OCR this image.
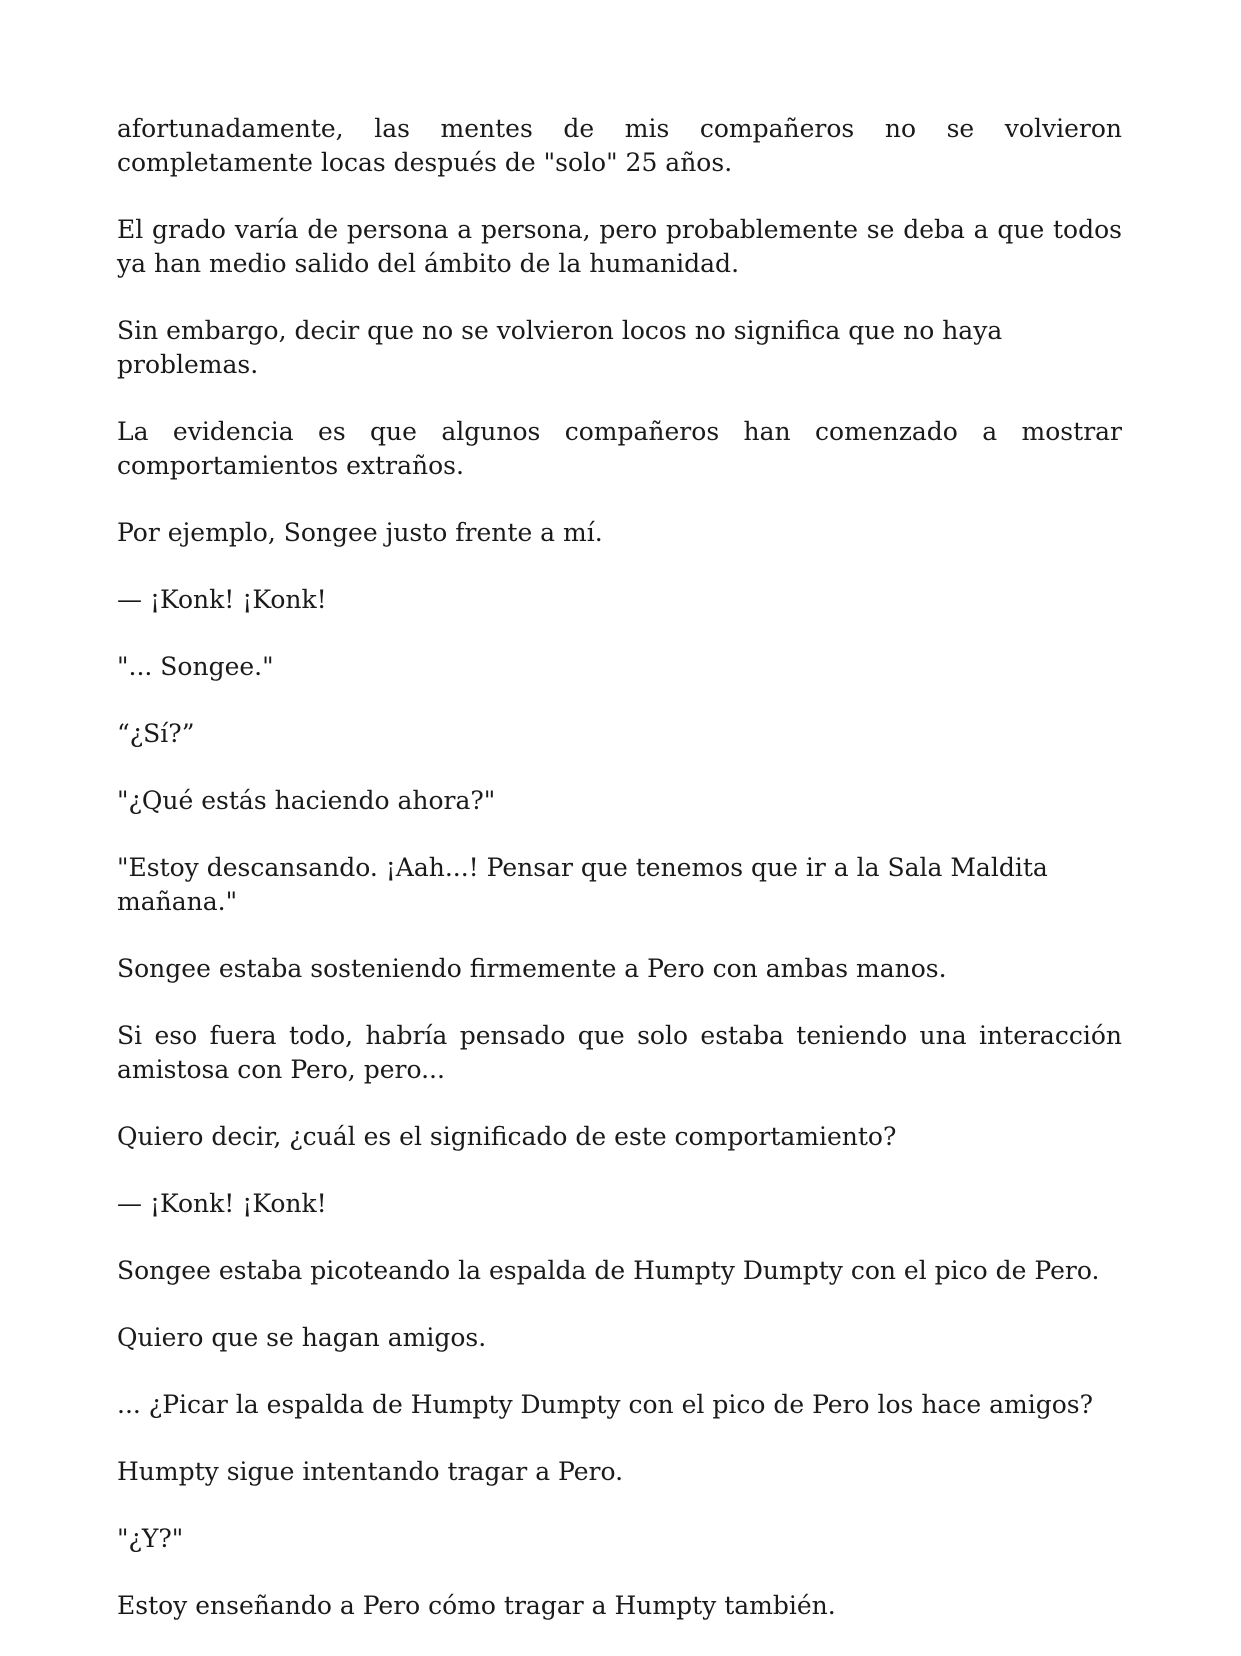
afortunadamente, las mentes de mis compañeros no se volvieron completamente locas después de "solo" 25 años.

El grado varía de persona a persona, pero probablemente se deba a que todos ya han medio salido del ámbito de la humanidad.

Sin embargo, decir que no se volvieron locos no significa que no haya problemas.

La evidencia es que algunos compañeros han comenzado a mostrar comportamientos extraños.

Por ejemplo, Songee justo frente a mí.

— ¡Konk! ¡Konk!

"... Songee."

“¿Sí?”

"¿Qué estás haciendo ahora?"

"Estoy descansando. ¡Aah...! Pensar que tenemos que ir a la Sala Maldita mañana."

Songee estaba sosteniendo firmemente a Pero con ambas manos.

Si eso fuera todo, habría pensado que solo estaba teniendo una interacción amistosa con Pero, pero...

Quiero decir, ¿cuál es el significado de este comportamiento?

— ¡Konk! ¡Konk!

Songee estaba picoteando la espalda de Humpty Dumpty con el pico de Pero.

Quiero que se hagan amigos.

... ¿Picar la espalda de Humpty Dumpty con el pico de Pero los hace amigos?

Humpty sigue intentando tragar a Pero.

"¿Y?"

Estoy enseñando a Pero cómo tragar a Humpty también.
